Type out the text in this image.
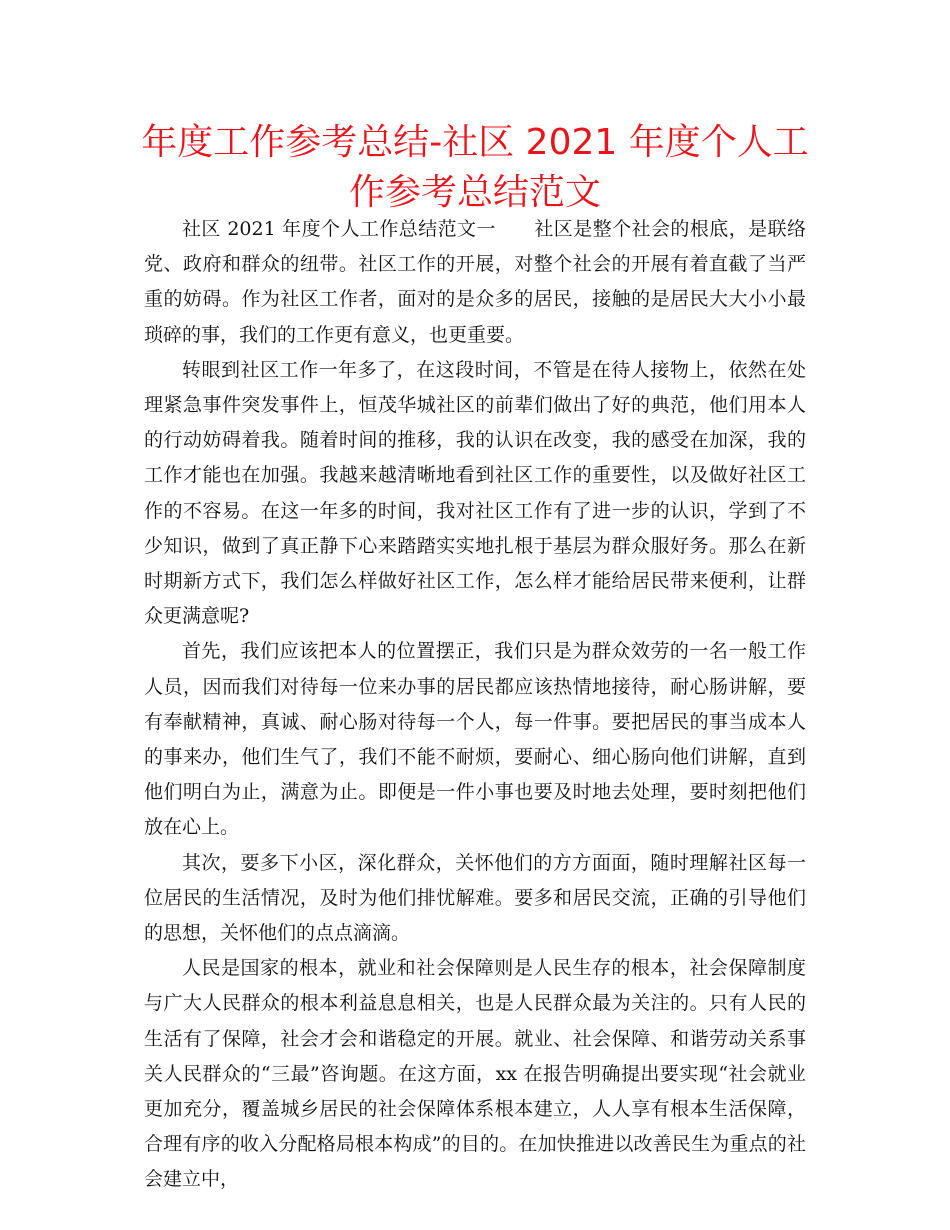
年度工作参考总结-社区 2021 年度个人工作参考总结范文

社区 2021 年度个人工作总结范文一 社区是整个社会的根底，是联络党、政府和群众的纽带。社区工作的开展，对整个社会的开展有着直截了当严重的妨碍。作为社区工作者，面对的是众多的居民，接触的是居民大大小小最琐碎的事，我们的工作更有意义，也更重要。

转眼到社区工作一年多了，在这段时间，不管是在待人接物上，依然在处理紧急事件突发事件上，恒茂华城社区的前辈们做出了好的典范，他们用本人的行动妨碍着我。随着时间的推移，我的认识在改变，我的感受在加深，我的工作才能也在加强。我越来越清晰地看到社区工作的重要性，以及做好社区工作的不容易。在这一年多的时间，我对社区工作有了进一步的认识，学到了不少知识，做到了真正静下心来踏踏实实地扎根于基层为群众服好务。那么在新时期新方式下，我们怎么样做好社区工作，怎么样才能给居民带来便利，让群众更满意呢?

首先，我们应该把本人的位置摆正，我们只是为群众效劳的一名一般工作人员，因而我们对待每一位来办事的居民都应该热情地接待，耐心肠讲解，要有奉献精神，真诚、耐心肠对待每一个人，每一件事。要把居民的事当成本人的事来办，他们生气了，我们不能不耐烦，要耐心、细心肠向他们讲解，直到他们明白为止，满意为止。即便是一件小事也要及时地去处理，要时刻把他们放在心上。

其次，要多下小区，深化群众，关怀他们的方方面面，随时理解社区每一位居民的生活情况，及时为他们排忧解难。要多和居民交流，正确的引导他们的思想，关怀他们的点点滴滴。

人民是国家的根本，就业和社会保障则是人民生存的根本，社会保障制度与广大人民群众的根本利益息息相关，也是人民群众最为关注的。只有人民的生活有了保障，社会才会和谐稳定的开展。就业、社会保障、和谐劳动关系事关人民群众的“三最”咨询题。在这方面，xx 在报告明确提出要实现“社会就业更加充分，覆盖城乡居民的社会保障体系根本建立，人人享有根本生活保障，合理有序的收入分配格局根本构成”的目的。在加快推进以改善民生为重点的社会建立中，
